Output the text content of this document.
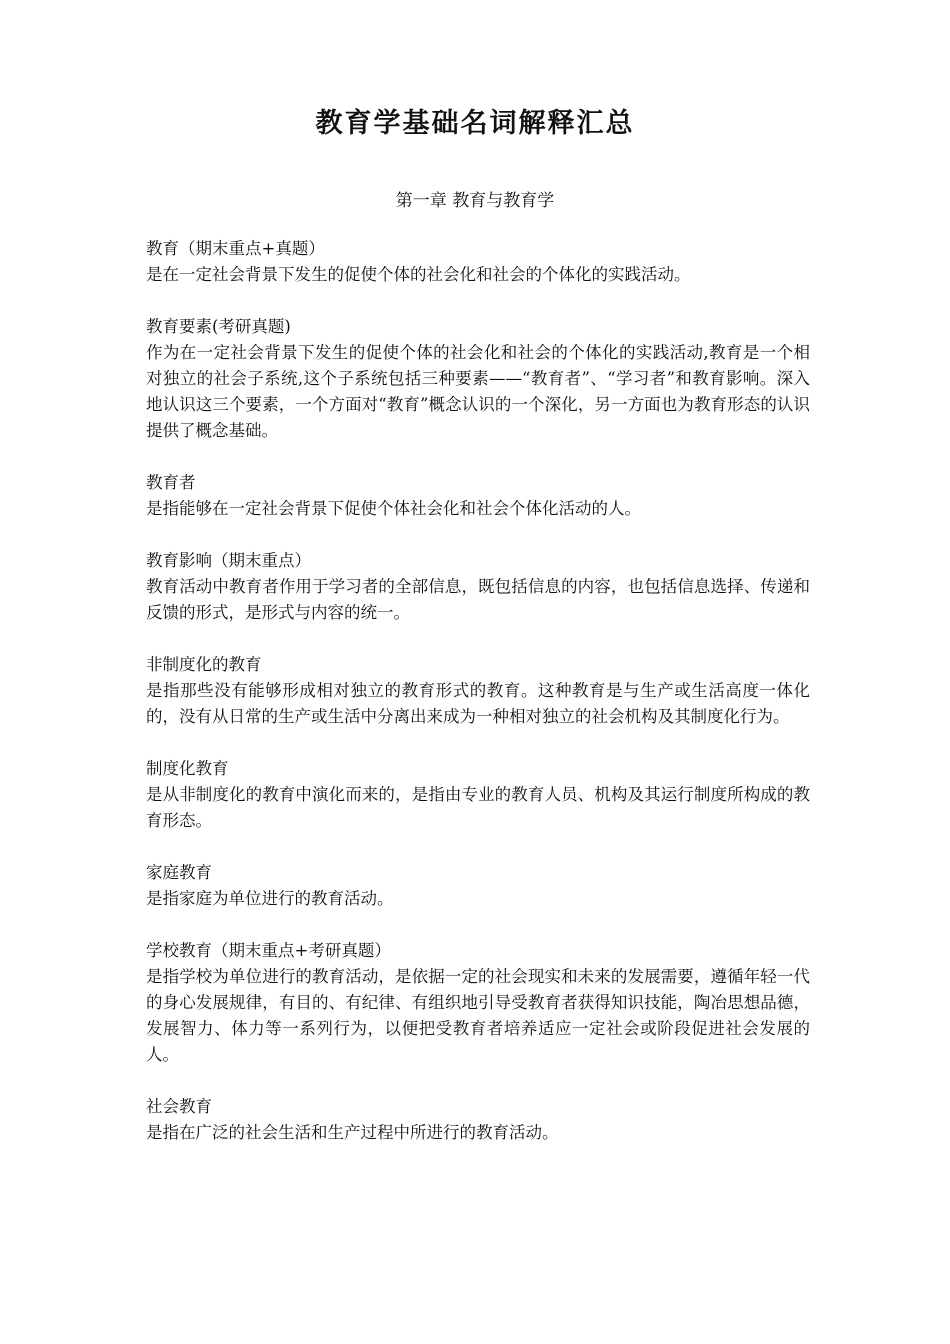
教育学基础名词解释汇总
第一章 教育与教育学
教育（期末重点+真题）
是在一定社会背景下发生的促使个体的社会化和社会的个体化的实践活动。
教育要素(考研真题)
作为在一定社会背景下发生的促使个体的社会化和社会的个体化的实践活动,教育是一个相对独立的社会子系统,这个子系统包括三种要素——“教育者”、“学习者”和教育影响。深入地认识这三个要素，一个方面对“教育”概念认识的一个深化，另一方面也为教育形态的认识提供了概念基础。
教育者
是指能够在一定社会背景下促使个体社会化和社会个体化活动的人。
教育影响（期末重点）
教育活动中教育者作用于学习者的全部信息，既包括信息的内容，也包括信息选择、传递和反馈的形式，是形式与内容的统一。
非制度化的教育
是指那些没有能够形成相对独立的教育形式的教育。这种教育是与生产或生活高度一体化的，没有从日常的生产或生活中分离出来成为一种相对独立的社会机构及其制度化行为。
制度化教育
是从非制度化的教育中演化而来的，是指由专业的教育人员、机构及其运行制度所构成的教育形态。
家庭教育
是指家庭为单位进行的教育活动。
学校教育（期末重点+考研真题）
是指学校为单位进行的教育活动，是依据一定的社会现实和未来的发展需要，遵循年轻一代的身心发展规律，有目的、有纪律、有组织地引导受教育者获得知识技能，陶冶思想品德，发展智力、体力等一系列行为，以便把受教育者培养适应一定社会或阶段促进社会发展的人。
社会教育
是指在广泛的社会生活和生产过程中所进行的教育活动。
